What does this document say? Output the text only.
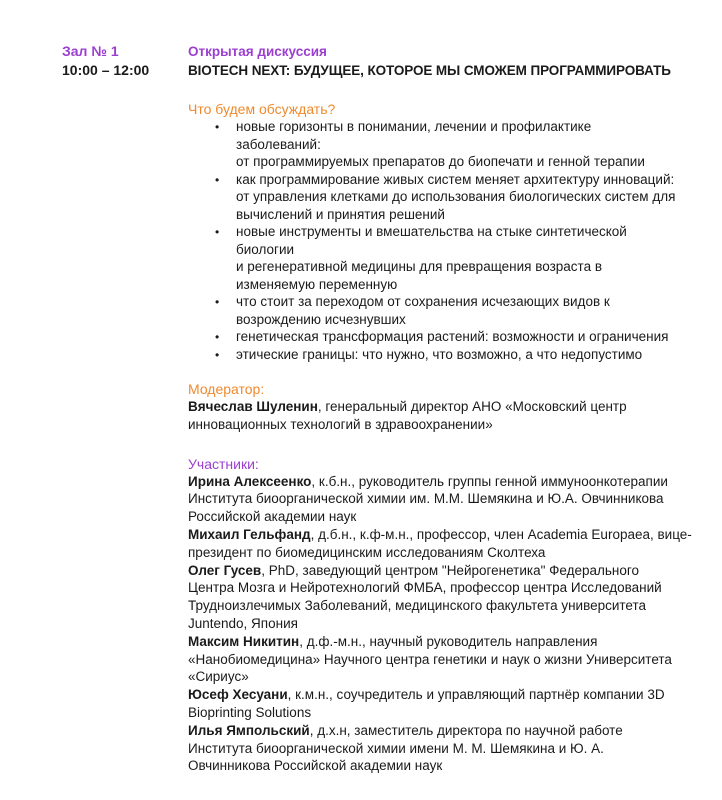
Зал № 1
10:00 – 12:00
Открытая дискуссия
BIOTECH NEXT: БУДУЩЕЕ, КОТОРОЕ МЫ СМОЖЕМ ПРОГРАММИРОВАТЬ
Что будем обсуждать?
• новые горизонты в понимании, лечении и профилактике
заболеваний:
от программируемых препаратов до биопечати и генной терапии
• как программирование живых систем меняет архитектуру инноваций:
от управления клетками до использования биологических систем для
вычислений и принятия решений
• новые инструменты и вмешательства на стыке синтетической
биологии
и регенеративной медицины для превращения возраста в
изменяемую переменную
• что стоит за переходом от сохранения исчезающих видов к
возрождению исчезнувших
• генетическая трансформация растений: возможности и ограничения
• этические границы: что нужно, что возможно, а что недопустимо
Модератор:
Вячеслав Шуленин, генеральный директор АНО «Московский центр
инновационных технологий в здравоохранении»
Участники:
Ирина Алексеенко, к.б.н., руководитель группы генной иммуноонкотерапии
Института биоорганической химии им. М.М. Шемякина и Ю.А. Овчинникова
Российской академии наук
Михаил Гельфанд, д.б.н., к.ф-м.н., профессор, член Academia Europaea, вице-
президент по биомедицинским исследованиям Сколтеха
Олег Гусев, PhD, заведующий центром "Нейрогенетика" Федерального
Центра Мозга и Нейротехнологий ФМБА, профессор центра Исследований
Трудноизлечимых Заболеваний, медицинского факультета университета
Juntendo, Япония
Максим Никитин, д.ф.-м.н., научный руководитель направления
«Нанобиомедицина» Научного центра генетики и наук о жизни Университета
«Сириус»
Юсеф Хесуани, к.м.н., соучредитель и управляющий партнёр компании 3D
Bioprinting Solutions
Илья Ямпольский, д.х.н, заместитель директора по научной работе
Института биоорганической химии имени М. М. Шемякина и Ю. А.
Овчинникова Российской академии наук
